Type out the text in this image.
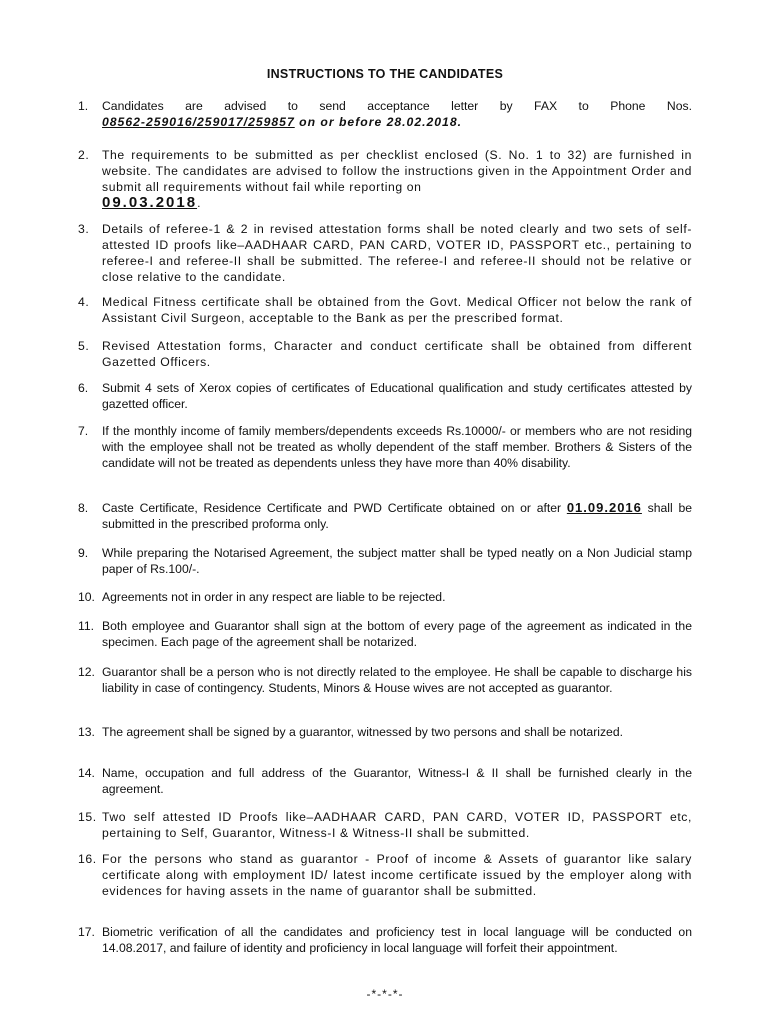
INSTRUCTIONS TO THE CANDIDATES
1.	Candidates are advised to send acceptance letter by FAX to Phone Nos.
08562-259016/259017/259857 on or before 28.02.2018.
2.	The requirements to be submitted as per checklist enclosed (S. No. 1 to 32) are furnished in website. The candidates are advised to follow the instructions given in the Appointment Order and submit all requirements without fail while reporting on
09.03.2018.
3.	Details of referee-1 & 2 in revised attestation forms shall be noted clearly and two sets of self-attested ID proofs like–AADHAAR CARD, PAN CARD, VOTER ID, PASSPORT etc., pertaining to referee-I and referee-II shall be submitted. The referee-I and referee-II should not be relative or close relative to the candidate.
4.	Medical Fitness certificate shall be obtained from the Govt. Medical Officer not below the rank of Assistant Civil Surgeon, acceptable to the Bank as per the prescribed format.
5.	Revised Attestation forms, Character and conduct certificate shall be obtained from different Gazetted Officers.
6.	Submit 4 sets of Xerox copies of certificates of Educational qualification and study certificates attested by gazetted officer.
7.	If the monthly income of family members/dependents exceeds Rs.10000/- or members who are not residing with the employee shall not be treated as wholly dependent of the staff member. Brothers & Sisters of the candidate will not be treated as dependents unless they have more than 40% disability.
8.	Caste Certificate, Residence Certificate and PWD Certificate obtained on or after 01.09.2016 shall be submitted in the prescribed proforma only.
9.	While preparing the Notarised Agreement, the subject matter shall be typed neatly on a Non Judicial stamp paper of Rs.100/-.
10. Agreements not in order in any respect are liable to be rejected.
11. Both employee and Guarantor shall sign at the bottom of every page of the agreement as indicated in the specimen. Each page of the agreement shall be notarized.
12. Guarantor shall be a person who is not directly related to the employee. He shall be capable to discharge his liability in case of contingency. Students, Minors & House wives are not accepted as guarantor.
13. The agreement shall be signed by a guarantor, witnessed by two persons and shall be notarized.
14. Name, occupation and full address of the Guarantor, Witness-I & II shall be furnished clearly in the agreement.
15. Two self attested ID Proofs like–AADHAAR CARD, PAN CARD, VOTER ID, PASSPORT etc, pertaining to Self, Guarantor, Witness-I & Witness-II shall be submitted.
16. For the persons who stand as guarantor - Proof of income & Assets of guarantor like salary certificate along with employment ID/ latest income certificate issued by the employer along with evidences for having assets in the name of guarantor shall be submitted.
17. Biometric verification of all the candidates and proficiency test in local language will be conducted on 14.08.2017, and failure of identity and proficiency in local language will forfeit their appointment.
-*-*-*-
